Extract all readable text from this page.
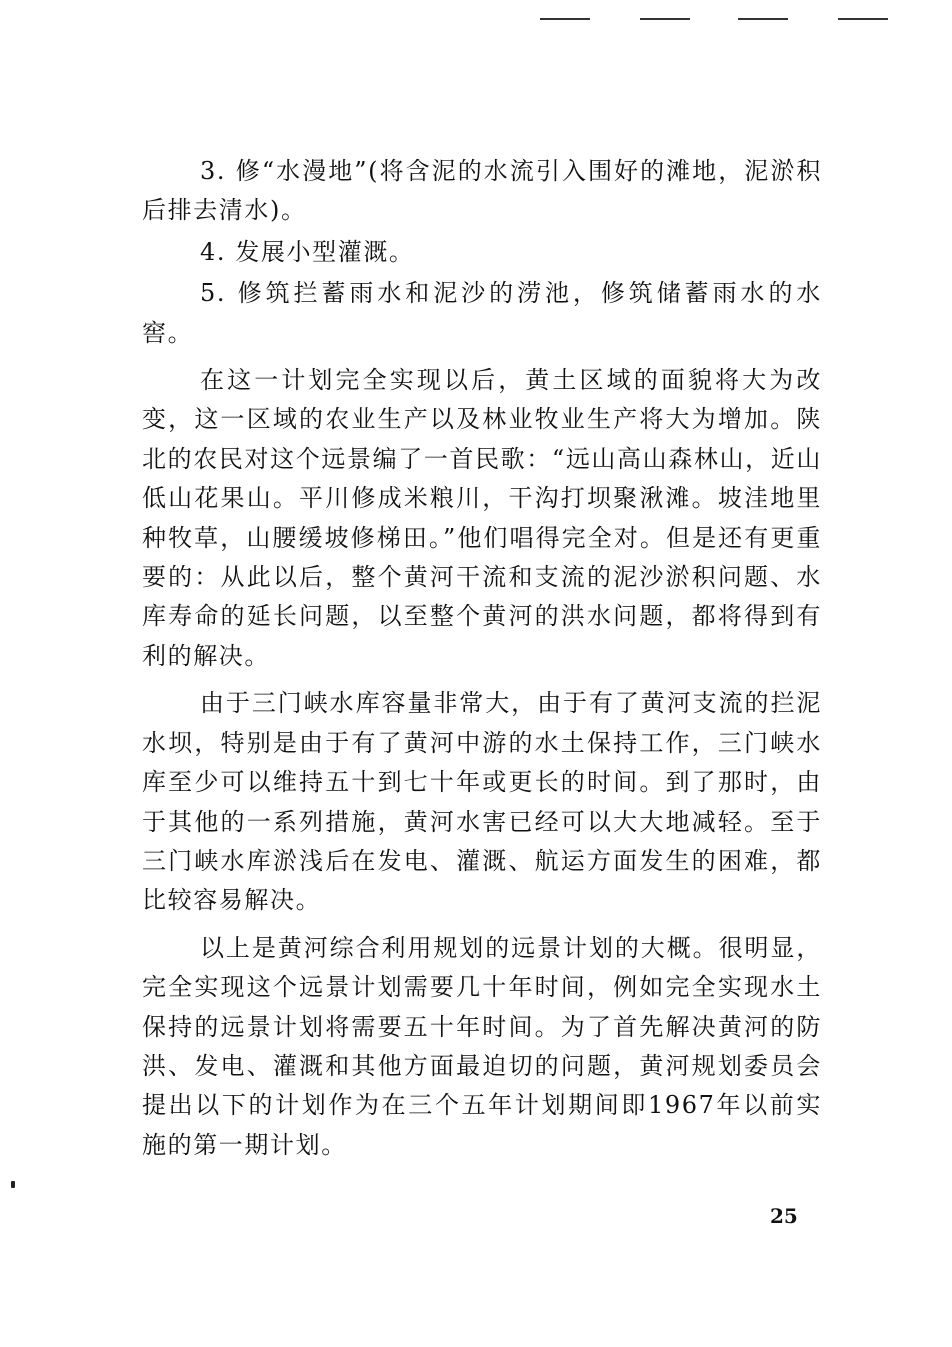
3. 修“水漫地”(将含泥的水流引入围好的滩地，泥淤积后排去清水)。

4. 发展小型灌溉。

5. 修筑拦蓄雨水和泥沙的涝池，修筑储蓄雨水的水窖。

在这一计划完全实现以后，黄土区域的面貌将大为改变，这一区域的农业生产以及林业牧业生产将大为增加。陕北的农民对这个远景编了一首民歌：“远山高山森林山，近山低山花果山。平川修成米粮川，干沟打坝聚湫滩。坡洼地里种牧草，山腰缓坡修梯田。”他们唱得完全对。但是还有更重要的：从此以后，整个黄河干流和支流的泥沙淤积问题、水库寿命的延长问题，以至整个黄河的洪水问题，都将得到有利的解决。

由于三门峡水库容量非常大，由于有了黄河支流的拦泥水坝，特别是由于有了黄河中游的水土保持工作，三门峡水库至少可以维持五十到七十年或更长的时间。到了那时，由于其他的一系列措施，黄河水害已经可以大大地减轻。至于三门峡水库淤浅后在发电、灌溉、航运方面发生的困难，都比较容易解决。

以上是黄河综合利用规划的远景计划的大概。很明显，完全实现这个远景计划需要几十年时间，例如完全实现水土保持的远景计划将需要五十年时间。为了首先解决黄河的防洪、发电、灌溉和其他方面最迫切的问题，黄河规划委员会提出以下的计划作为在三个五年计划期间即1967年以前实施的第一期计划。

25
